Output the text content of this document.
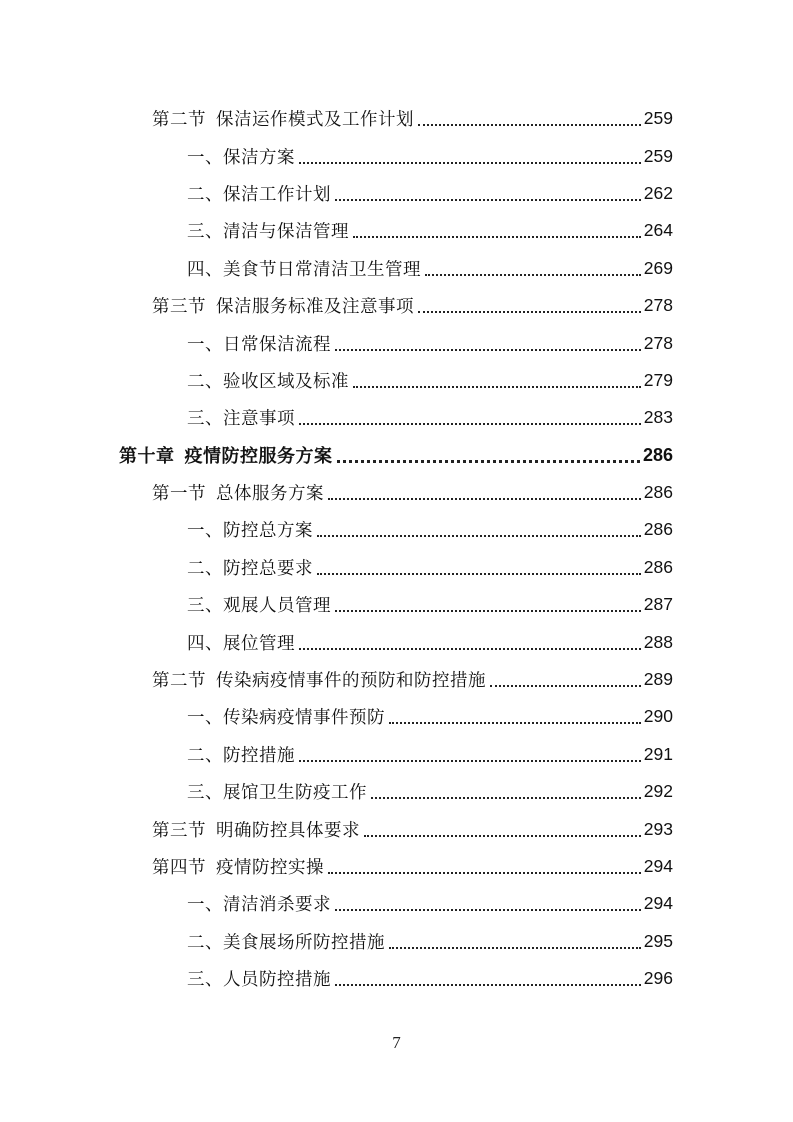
第二节 保洁运作模式及工作计划	259
一、保洁方案	259
二、保洁工作计划	262
三、清洁与保洁管理	264
四、美食节日常清洁卫生管理	269
第三节 保洁服务标准及注意事项	278
一、日常保洁流程	278
二、验收区域及标准	279
三、注意事项	283
第十章 疫情防控服务方案	286
第一节 总体服务方案	286
一、防控总方案	286
二、防控总要求	286
三、观展人员管理	287
四、展位管理	288
第二节 传染病疫情事件的预防和防控措施	289
一、传染病疫情事件预防	290
二、防控措施	291
三、展馆卫生防疫工作	292
第三节 明确防控具体要求	293
第四节 疫情防控实操	294
一、清洁消杀要求	294
二、美食展场所防控措施	295
三、人员防控措施	296
7
